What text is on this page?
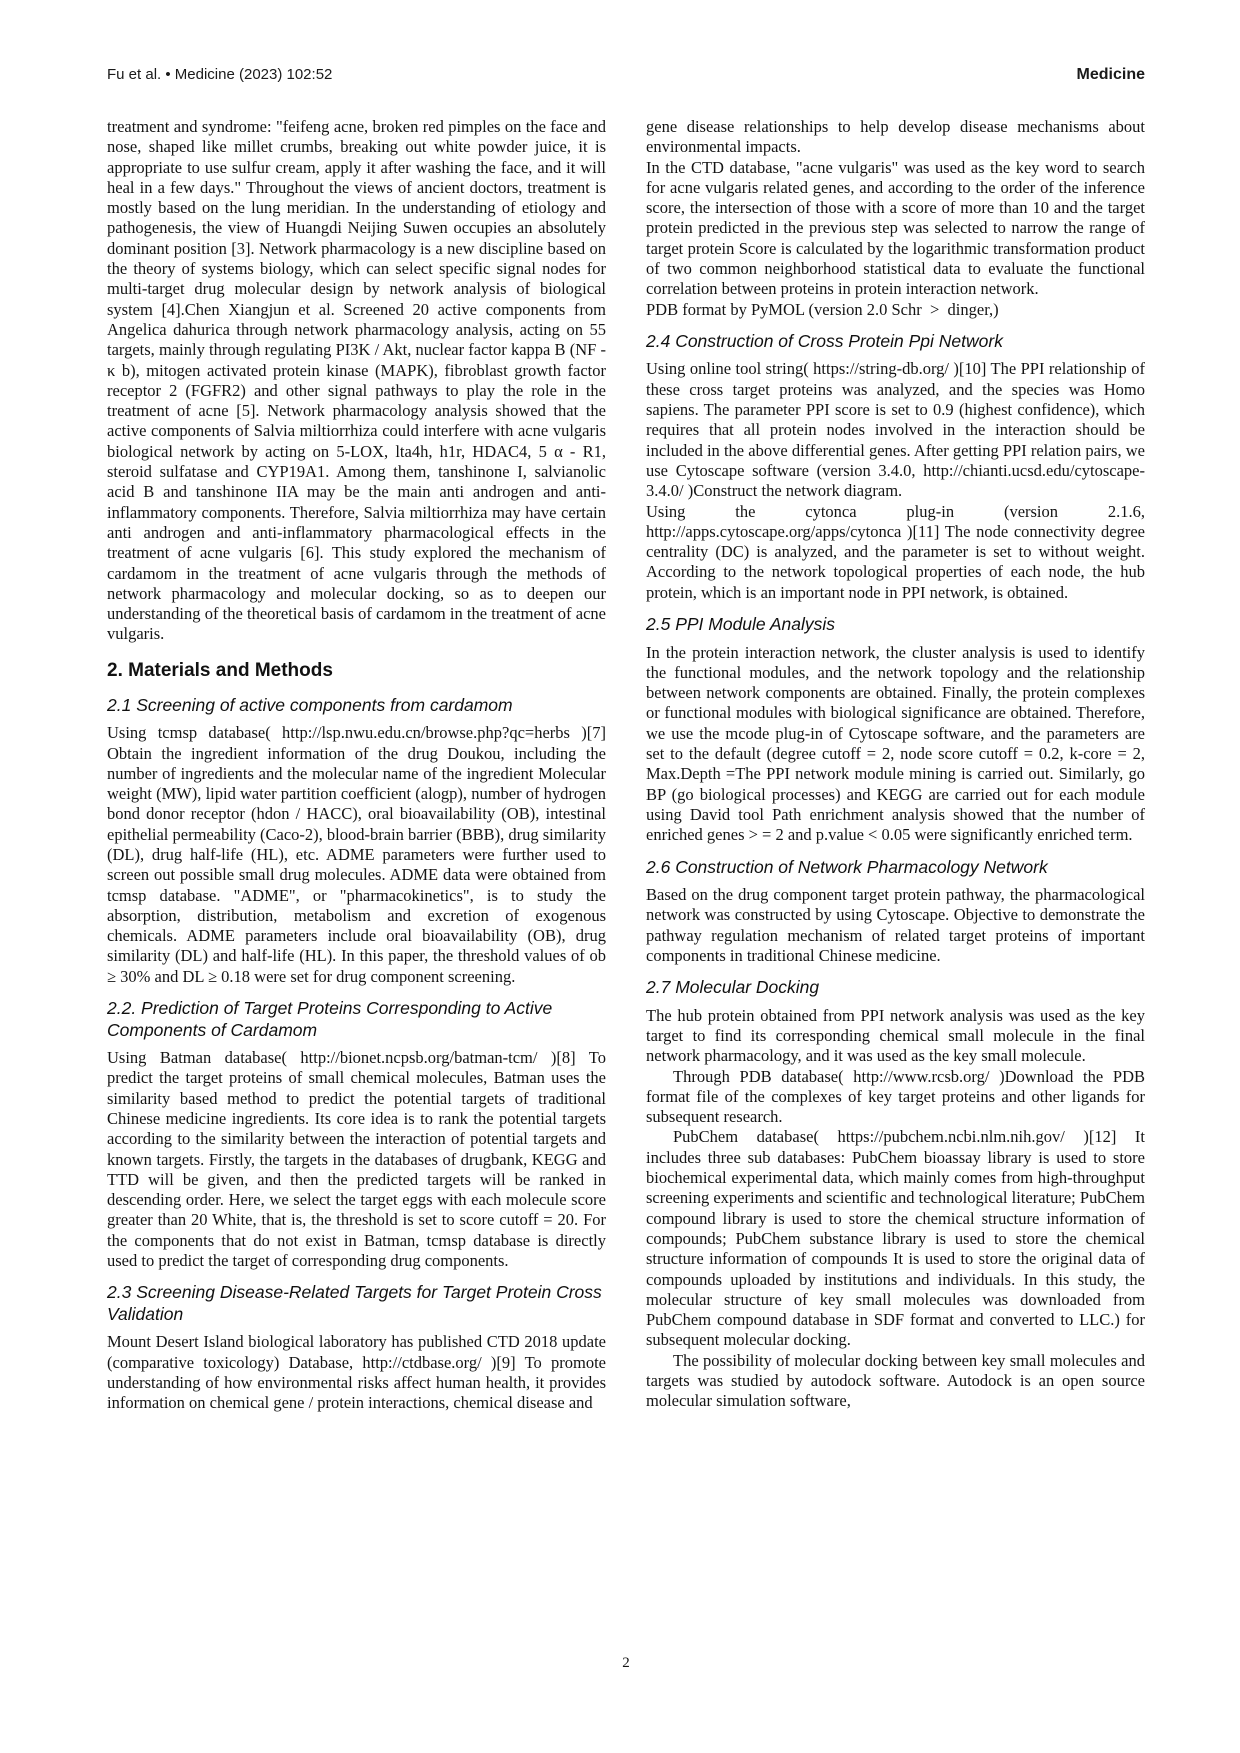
Fu et al. • Medicine (2023) 102:52	Medicine

treatment and syndrome: "feifeng acne, broken red pimples on the face and nose, shaped like millet crumbs, breaking out white powder juice, it is appropriate to use sulfur cream, apply it after washing the face, and it will heal in a few days." Throughout the views of ancient doctors, treatment is mostly based on the lung meridian. In the understanding of etiology and pathogenesis, the view of Huangdi Neijing Suwen occupies an absolutely dominant position [3]. Network pharmacology is a new discipline based on the theory of systems biology, which can select specific signal nodes for multi-target drug molecular design by network analysis of biological system [4].Chen Xiangjun et al. Screened 20 active components from Angelica dahurica through network pharmacology analysis, acting on 55 targets, mainly through regulating PI3K / Akt, nuclear factor kappa B (NF - κ b), mitogen activated protein kinase (MAPK), fibroblast growth factor receptor 2 (FGFR2) and other signal pathways to play the role in the treatment of acne [5]. Network pharmacology analysis showed that the active components of Salvia miltiorrhiza could interfere with acne vulgaris biological network by acting on 5-LOX, lta4h, h1r, HDAC4, 5 α - R1, steroid sulfatase and CYP19A1. Among them, tanshinone I, salvianolic acid B and tanshinone IIA may be the main anti androgen and anti-inflammatory components. Therefore, Salvia miltiorrhiza may have certain anti androgen and anti-inflammatory pharmacological effects in the treatment of acne vulgaris [6]. This study explored the mechanism of cardamom in the treatment of acne vulgaris through the methods of network pharmacology and molecular docking, so as to deepen our understanding of the theoretical basis of cardamom in the treatment of acne vulgaris.

2. Materials and Methods
2.1 Screening of active components from cardamom

Using tcmsp database( http://lsp.nwu.edu.cn/browse.php?qc=herbs )[7] Obtain the ingredient information of the drug Doukou, including the number of ingredients and the molecular name of the ingredient Molecular weight (MW), lipid water partition coefficient (alogp), number of hydrogen bond donor receptor (hdon / HACC), oral bioavailability (OB), intestinal epithelial permeability (Caco-2), blood-brain barrier (BBB), drug similarity (DL), drug half-life (HL), etc. ADME parameters were further used to screen out possible small drug molecules. ADME data were obtained from tcmsp database. "ADME", or "pharmacokinetics", is to study the absorption, distribution, metabolism and excretion of exogenous chemicals. ADME parameters include oral bioavailability (OB), drug similarity (DL) and half-life (HL). In this paper, the threshold values of ob ≥ 30% and DL ≥ 0.18 were set for drug component screening.

2.2. Prediction of Target Proteins Corresponding to Active Components of Cardamom

Using Batman database( http://bionet.ncpsb.org/batman-tcm/ )[8] To predict the target proteins of small chemical molecules, Batman uses the similarity based method to predict the potential targets of traditional Chinese medicine ingredients. Its core idea is to rank the potential targets according to the similarity between the interaction of potential targets and known targets. Firstly, the targets in the databases of drugbank, KEGG and TTD will be given, and then the predicted targets will be ranked in descending order. Here, we select the target eggs with each molecule score greater than 20 White, that is, the threshold is set to score cutoff = 20. For the components that do not exist in Batman, tcmsp database is directly used to predict the target of corresponding drug components.

2.3 Screening Disease-Related Targets for Target Protein Cross Validation

Mount Desert Island biological laboratory has published CTD 2018 update (comparative toxicology) Database, http://ctdbase.org/ )[9] To promote understanding of how environmental risks affect human health, it provides information on chemical gene / protein interactions, chemical disease and

gene disease relationships to help develop disease mechanisms about environmental impacts.

In the CTD database, "acne vulgaris" was used as the key word to search for acne vulgaris related genes, and according to the order of the inference score, the intersection of those with a score of more than 10 and the target protein predicted in the previous step was selected to narrow the range of target protein Score is calculated by the logarithmic transformation product of two common neighborhood statistical data to evaluate the functional correlation between proteins in protein interaction network.

PDB format by PyMOL (version 2.0 Schr  >  dinger,)

2.4 Construction of Cross Protein Ppi Network

Using online tool string( https://string-db.org/ )[10] The PPI relationship of these cross target proteins was analyzed, and the species was Homo sapiens. The parameter PPI score is set to 0.9 (highest confidence), which requires that all protein nodes involved in the interaction should be included in the above differential genes. After getting PPI relation pairs, we use Cytoscape software (version 3.4.0, http://chianti.ucsd.edu/cytoscape-3.4.0/ )Construct the network diagram.

Using the cytonca plug-in (version 2.1.6, http://apps.cytoscape.org/apps/cytonca )[11] The node connectivity degree centrality (DC) is analyzed, and the parameter is set to without weight. According to the network topological properties of each node, the hub protein, which is an important node in PPI network, is obtained.

2.5 PPI Module Analysis

In the protein interaction network, the cluster analysis is used to identify the functional modules, and the network topology and the relationship between network components are obtained. Finally, the protein complexes or functional modules with biological significance are obtained. Therefore, we use the mcode plug-in of Cytoscape software, and the parameters are set to the default (degree cutoff = 2, node score cutoff = 0.2, k-core = 2, Max.Depth =The PPI network module mining is carried out. Similarly, go BP (go biological processes) and KEGG are carried out for each module using David tool Path enrichment analysis showed that the number of enriched genes > = 2 and p.value < 0.05 were significantly enriched term.

2.6 Construction of Network Pharmacology Network

Based on the drug component target protein pathway, the pharmacological network was constructed by using Cytoscape. Objective to demonstrate the pathway regulation mechanism of related target proteins of important components in traditional Chinese medicine.

2.7 Molecular Docking

The hub protein obtained from PPI network analysis was used as the key target to find its corresponding chemical small molecule in the final network pharmacology, and it was used as the key small molecule.

Through PDB database( http://www.rcsb.org/ )Download the PDB format file of the complexes of key target proteins and other ligands for subsequent research.

PubChem database( https://pubchem.ncbi.nlm.nih.gov/ )[12] It includes three sub databases: PubChem bioassay library is used to store biochemical experimental data, which mainly comes from high-throughput screening experiments and scientific and technological literature; PubChem compound library is used to store the chemical structure information of compounds; PubChem substance library is used to store the chemical structure information of compounds It is used to store the original data of compounds uploaded by institutions and individuals. In this study, the molecular structure of key small molecules was downloaded from PubChem compound database in SDF format and converted to LLC.) for subsequent molecular docking.

The possibility of molecular docking between key small molecules and targets was studied by autodock software. Autodock is an open source molecular simulation software,

2
